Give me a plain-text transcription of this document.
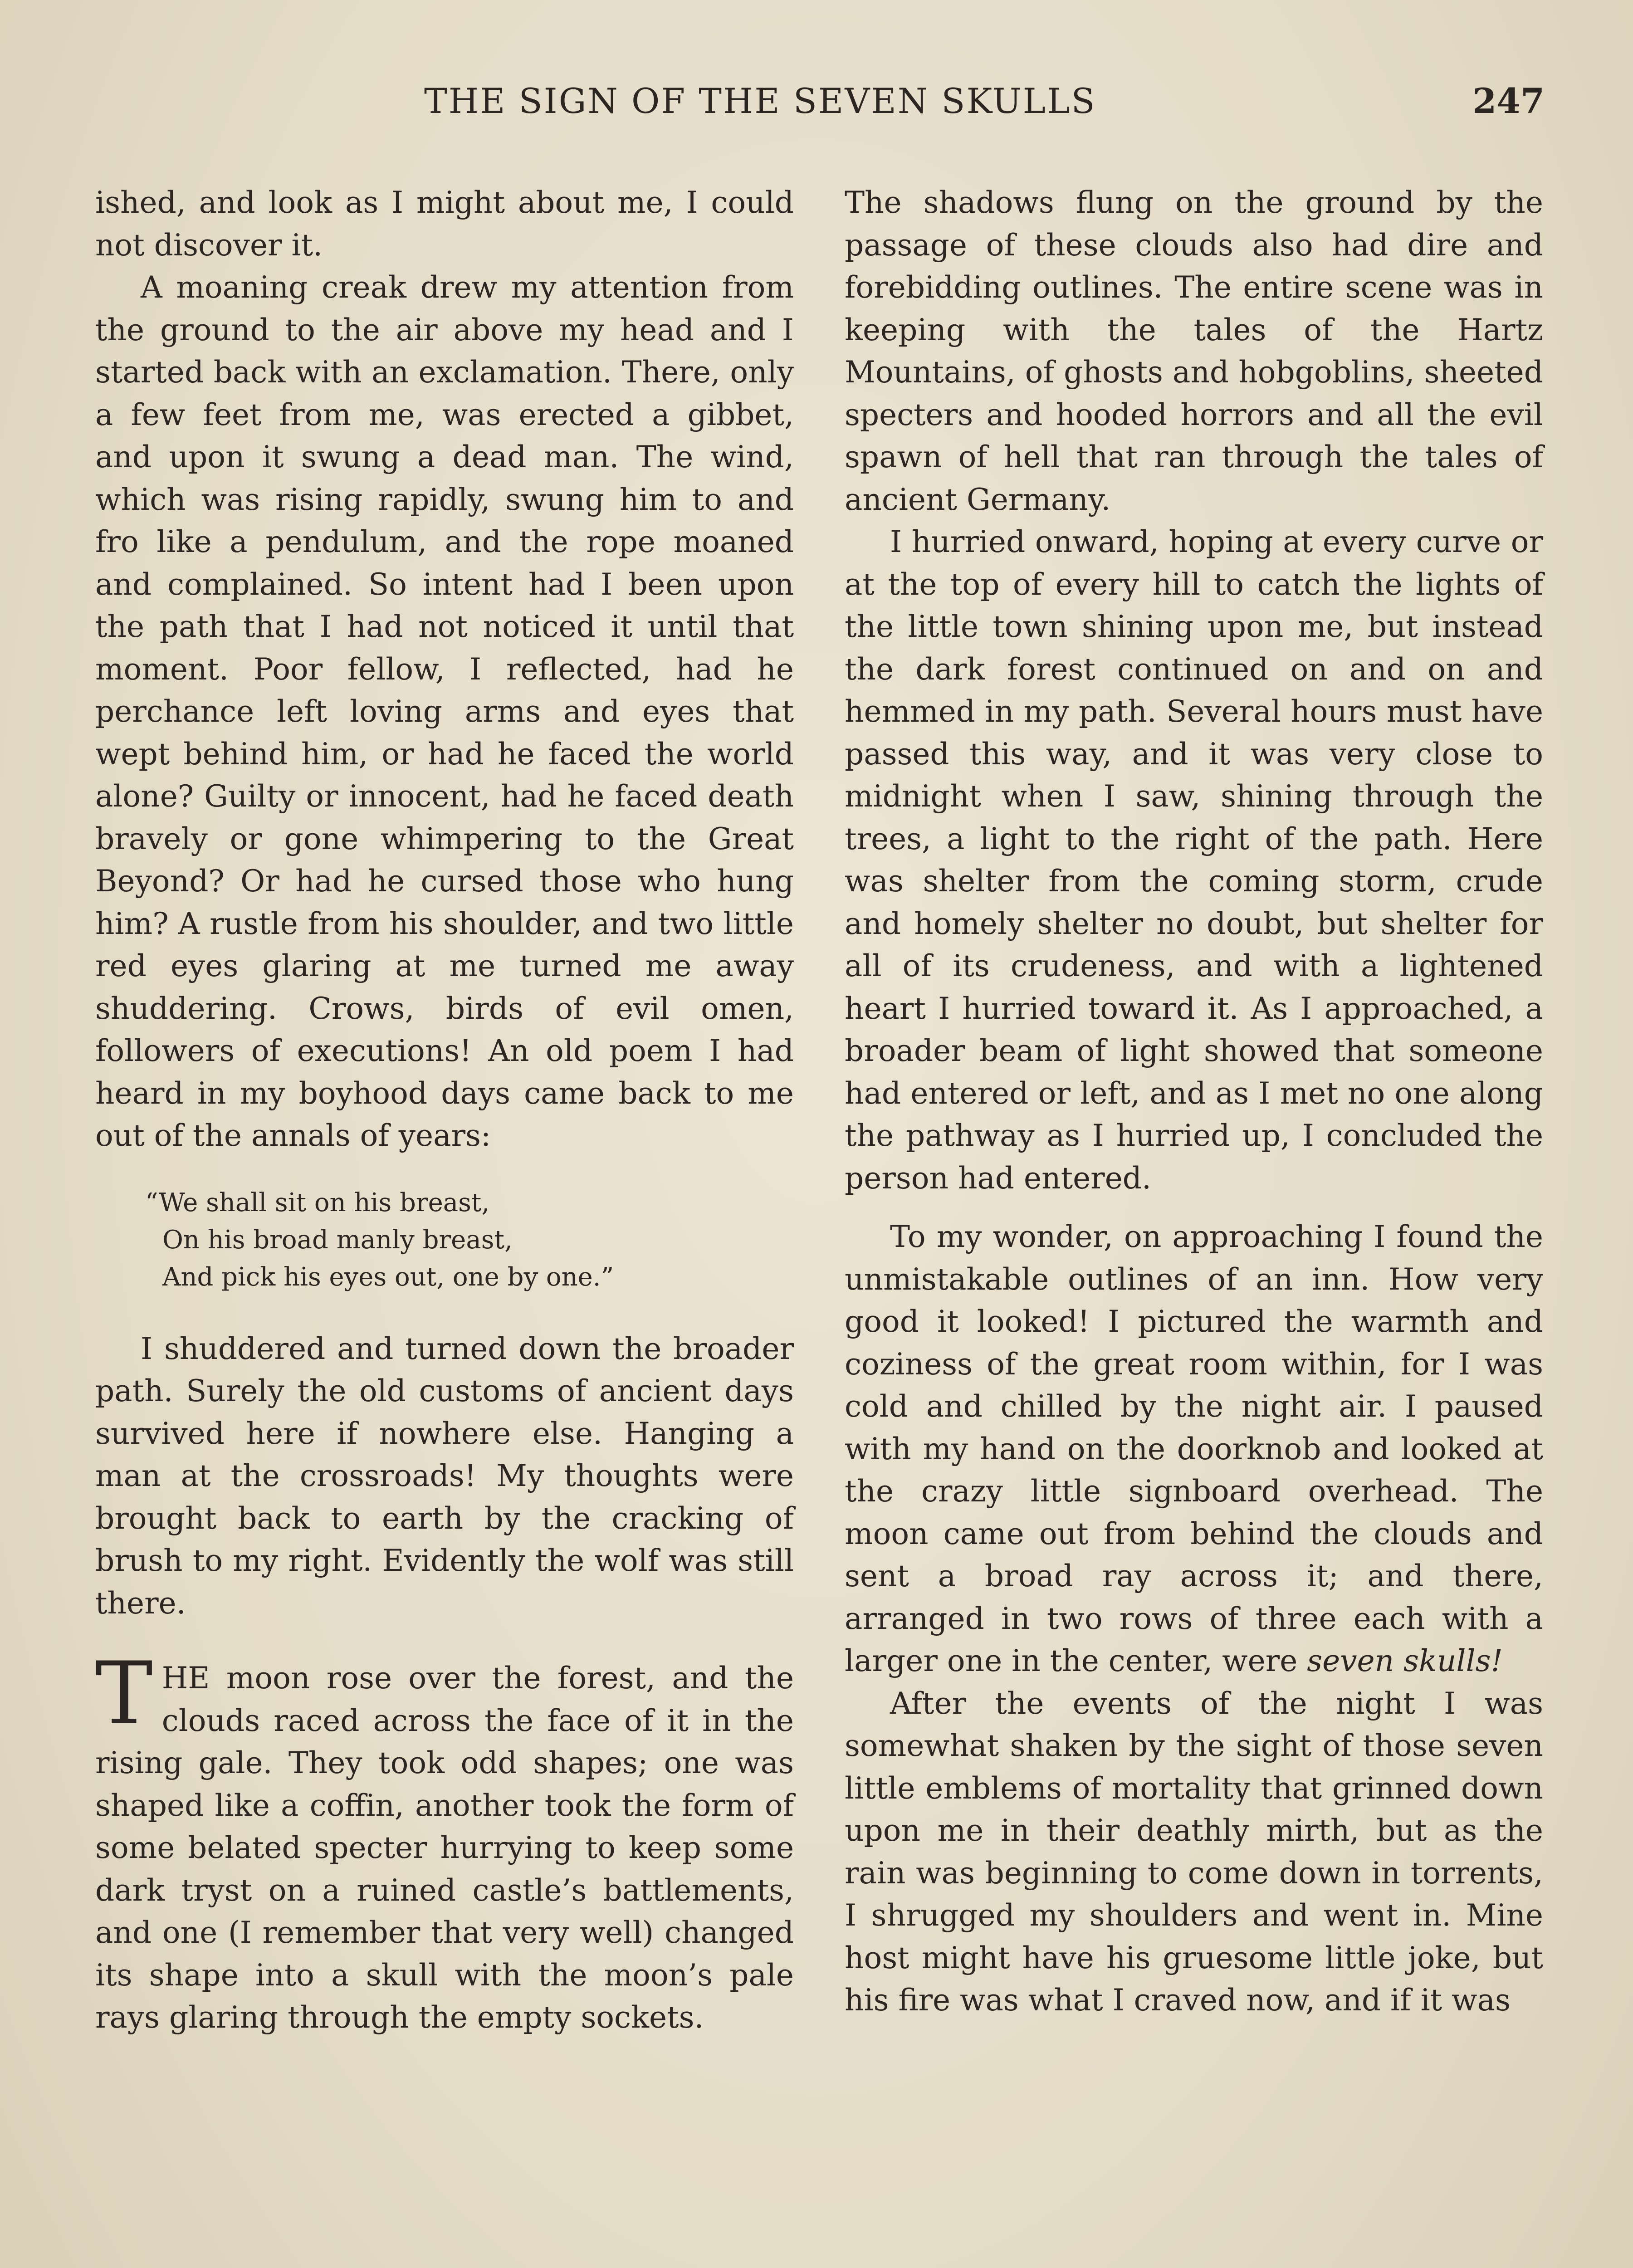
THE SIGN OF THE SEVEN SKULLS	247

ished, and look as I might about me, I could not discover it.

A moaning creak drew my attention from the ground to the air above my head and I started back with an exclamation. There, only a few feet from me, was erected a gibbet, and upon it swung a dead man. The wind, which was rising rapidly, swung him to and fro like a pendulum, and the rope moaned and complained. So intent had I been upon the path that I had not noticed it until that moment. Poor fellow, I reflected, had he perchance left loving arms and eyes that wept behind him, or had he faced the world alone? Guilty or innocent, had he faced death bravely or gone whimpering to the Great Beyond? Or had he cursed those who hung him? A rustle from his shoulder, and two little red eyes glaring at me turned me away shuddering. Crows, birds of evil omen, followers of executions! An old poem I had heard in my boyhood days came back to me out of the annals of years:

“We shall sit on his breast,
On his broad manly breast,
And pick his eyes out, one by one.”

I shuddered and turned down the broader path. Surely the old customs of ancient days survived here if nowhere else. Hanging a man at the crossroads! My thoughts were brought back to earth by the cracking of brush to my right. Evidently the wolf was still there.

THE moon rose over the forest, and the clouds raced across the face of it in the rising gale. They took odd shapes; one was shaped like a coffin, another took the form of some belated specter hurrying to keep some dark tryst on a ruined castle’s battlements, and one (I remember that very well) changed its shape into a skull with the moon’s pale rays glaring through the empty sockets.

The shadows flung on the ground by the passage of these clouds also had dire and forebidding outlines. The entire scene was in keeping with the tales of the Hartz Mountains, of ghosts and hobgoblins, sheeted specters and hooded horrors and all the evil spawn of hell that ran through the tales of ancient Germany.

I hurried onward, hoping at every curve or at the top of every hill to catch the lights of the little town shining upon me, but instead the dark forest continued on and on and hemmed in my path. Several hours must have passed this way, and it was very close to midnight when I saw, shining through the trees, a light to the right of the path. Here was shelter from the coming storm, crude and homely shelter no doubt, but shelter for all of its crudeness, and with a lightened heart I hurried toward it. As I approached, a broader beam of light showed that someone had entered or left, and as I met no one along the pathway as I hurried up, I concluded the person had entered.

To my wonder, on approaching I found the unmistakable outlines of an inn. How very good it looked! I pictured the warmth and coziness of the great room within, for I was cold and chilled by the night air. I paused with my hand on the doorknob and looked at the crazy little signboard overhead. The moon came out from behind the clouds and sent a broad ray across it; and there, arranged in two rows of three each with a larger one in the center, were seven skulls!

After the events of the night I was somewhat shaken by the sight of those seven little emblems of mortality that grinned down upon me in their deathly mirth, but as the rain was beginning to come down in torrents, I shrugged my shoulders and went in. Mine host might have his gruesome little joke, but his fire was what I craved now, and if it was
